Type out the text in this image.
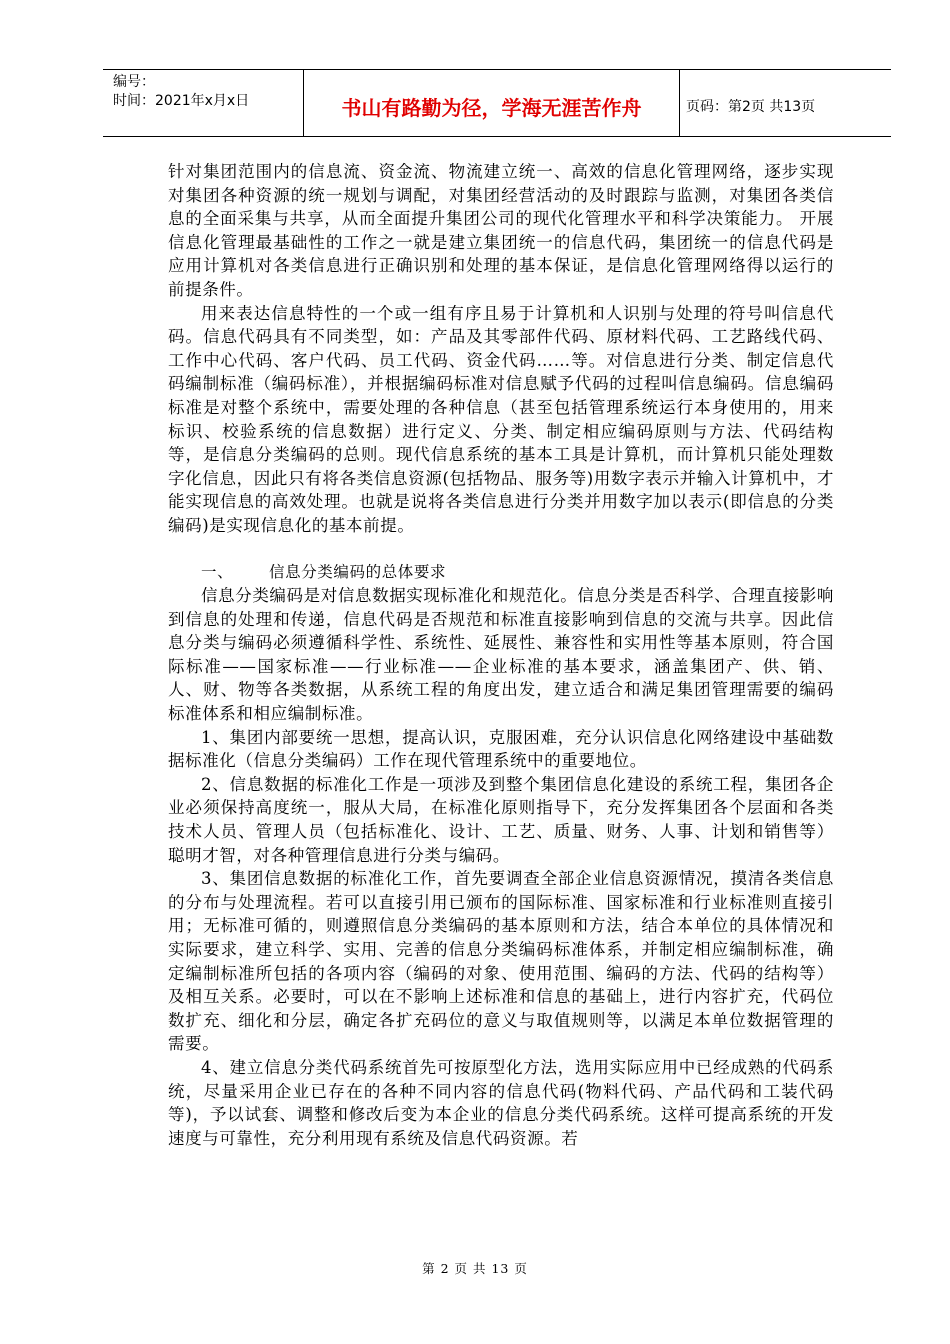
编号：
时间：2021年x月x日	书山有路勤为径，学海无涯苦作舟	页码：第2页 共13页

针对集团范围内的信息流、资金流、物流建立统一、高效的信息化管理网络，逐步实现对集团各种资源的统一规划与调配，对集团经营活动的及时跟踪与监测，对集团各类信息的全面采集与共享，从而全面提升集团公司的现代化管理水平和科学决策能力。 开展信息化管理最基础性的工作之一就是建立集团统一的信息代码，集团统一的信息代码是应用计算机对各类信息进行正确识别和处理的基本保证，是信息化管理网络得以运行的前提条件。

用来表达信息特性的一个或一组有序且易于计算机和人识别与处理的符号叫信息代码。信息代码具有不同类型，如：产品及其零部件代码、原材料代码、工艺路线代码、工作中心代码、客户代码、员工代码、资金代码……等。对信息进行分类、制定信息代码编制标准（编码标准），并根据编码标准对信息赋予代码的过程叫信息编码。信息编码标准是对整个系统中，需要处理的各种信息（甚至包括管理系统运行本身使用的，用来标识、校验系统的信息数据）进行定义、分类、制定相应编码原则与方法、代码结构等，是信息分类编码的总则。现代信息系统的基本工具是计算机，而计算机只能处理数字化信息，因此只有将各类信息资源(包括物品、服务等)用数字表示并输入计算机中，才能实现信息的高效处理。也就是说将各类信息进行分类并用数字加以表示(即信息的分类编码)是实现信息化的基本前提。

一、	信息分类编码的总体要求

信息分类编码是对信息数据实现标准化和规范化。信息分类是否科学、合理直接影响到信息的处理和传递，信息代码是否规范和标准直接影响到信息的交流与共享。因此信息分类与编码必须遵循科学性、系统性、延展性、兼容性和实用性等基本原则，符合国际标准——国家标准——行业标准——企业标准的基本要求，涵盖集团产、供、销、人、财、物等各类数据，从系统工程的角度出发，建立适合和满足集团管理需要的编码标准体系和相应编制标准。

1、集团内部要统一思想，提高认识，克服困难，充分认识信息化网络建设中基础数据标准化（信息分类编码）工作在现代管理系统中的重要地位。

2、信息数据的标准化工作是一项涉及到整个集团信息化建设的系统工程，集团各企业必须保持高度统一，服从大局，在标准化原则指导下，充分发挥集团各个层面和各类技术人员、管理人员（包括标准化、设计、工艺、质量、财务、人事、计划和销售等）聪明才智，对各种管理信息进行分类与编码。

3、集团信息数据的标准化工作，首先要调查全部企业信息资源情况，摸清各类信息的分布与处理流程。若可以直接引用已颁布的国际标准、国家标准和行业标准则直接引用；无标准可循的，则遵照信息分类编码的基本原则和方法，结合本单位的具体情况和实际要求，建立科学、实用、完善的信息分类编码标准体系，并制定相应编制标准，确定编制标准所包括的各项内容（编码的对象、使用范围、编码的方法、代码的结构等）及相互关系。必要时，可以在不影响上述标准和信息的基础上，进行内容扩充，代码位数扩充、细化和分层，确定各扩充码位的意义与取值规则等，以满足本单位数据管理的需要。

4、建立信息分类代码系统首先可按原型化方法，选用实际应用中已经成熟的代码系统，尽量采用企业已存在的各种不同内容的信息代码(物料代码、产品代码和工装代码等)，予以试套、调整和修改后变为本企业的信息分类代码系统。这样可提高系统的开发速度与可靠性，充分利用现有系统及信息代码资源。若

第 2 页 共 13 页
